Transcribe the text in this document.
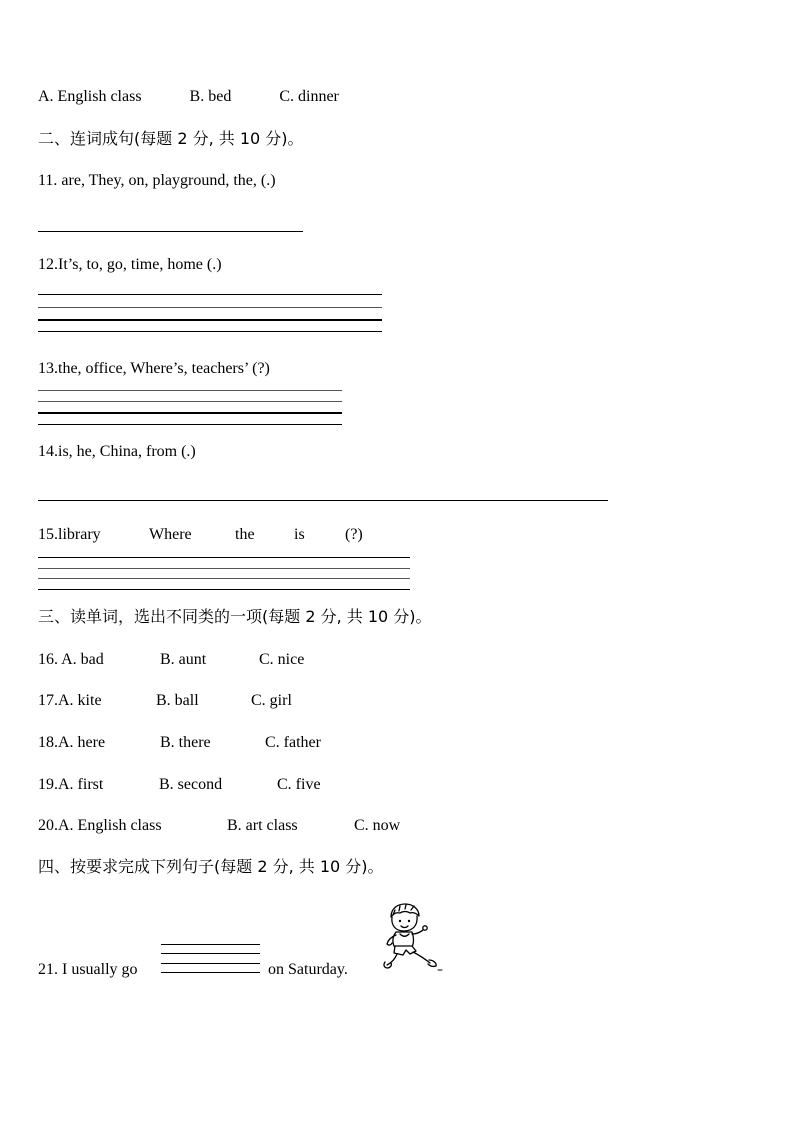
A. English class	B. bed	C. dinner
二、连词成句(每题 2 分, 共 10 分)。
11. are, They, on, playground, the, (.)
12.It’s, to, go, time, home (.)
13.the, office, Where’s, teachers’ (?)
14.is, he, China, from (.)
15.library	Where	the is	(?)
三、读单词，选出不同类的一项(每题 2 分, 共 10 分)。
16. A. bad	B. aunt	C. nice
17.A. kite	B. ball	C. girl
18.A. here	B. there	C. father
19.A. first	B. second	C. five
20.A. English class	B. art class	C. now
四、按要求完成下列句子(每题 2 分, 共 10 分)。
21. I usually go	on Saturday.
